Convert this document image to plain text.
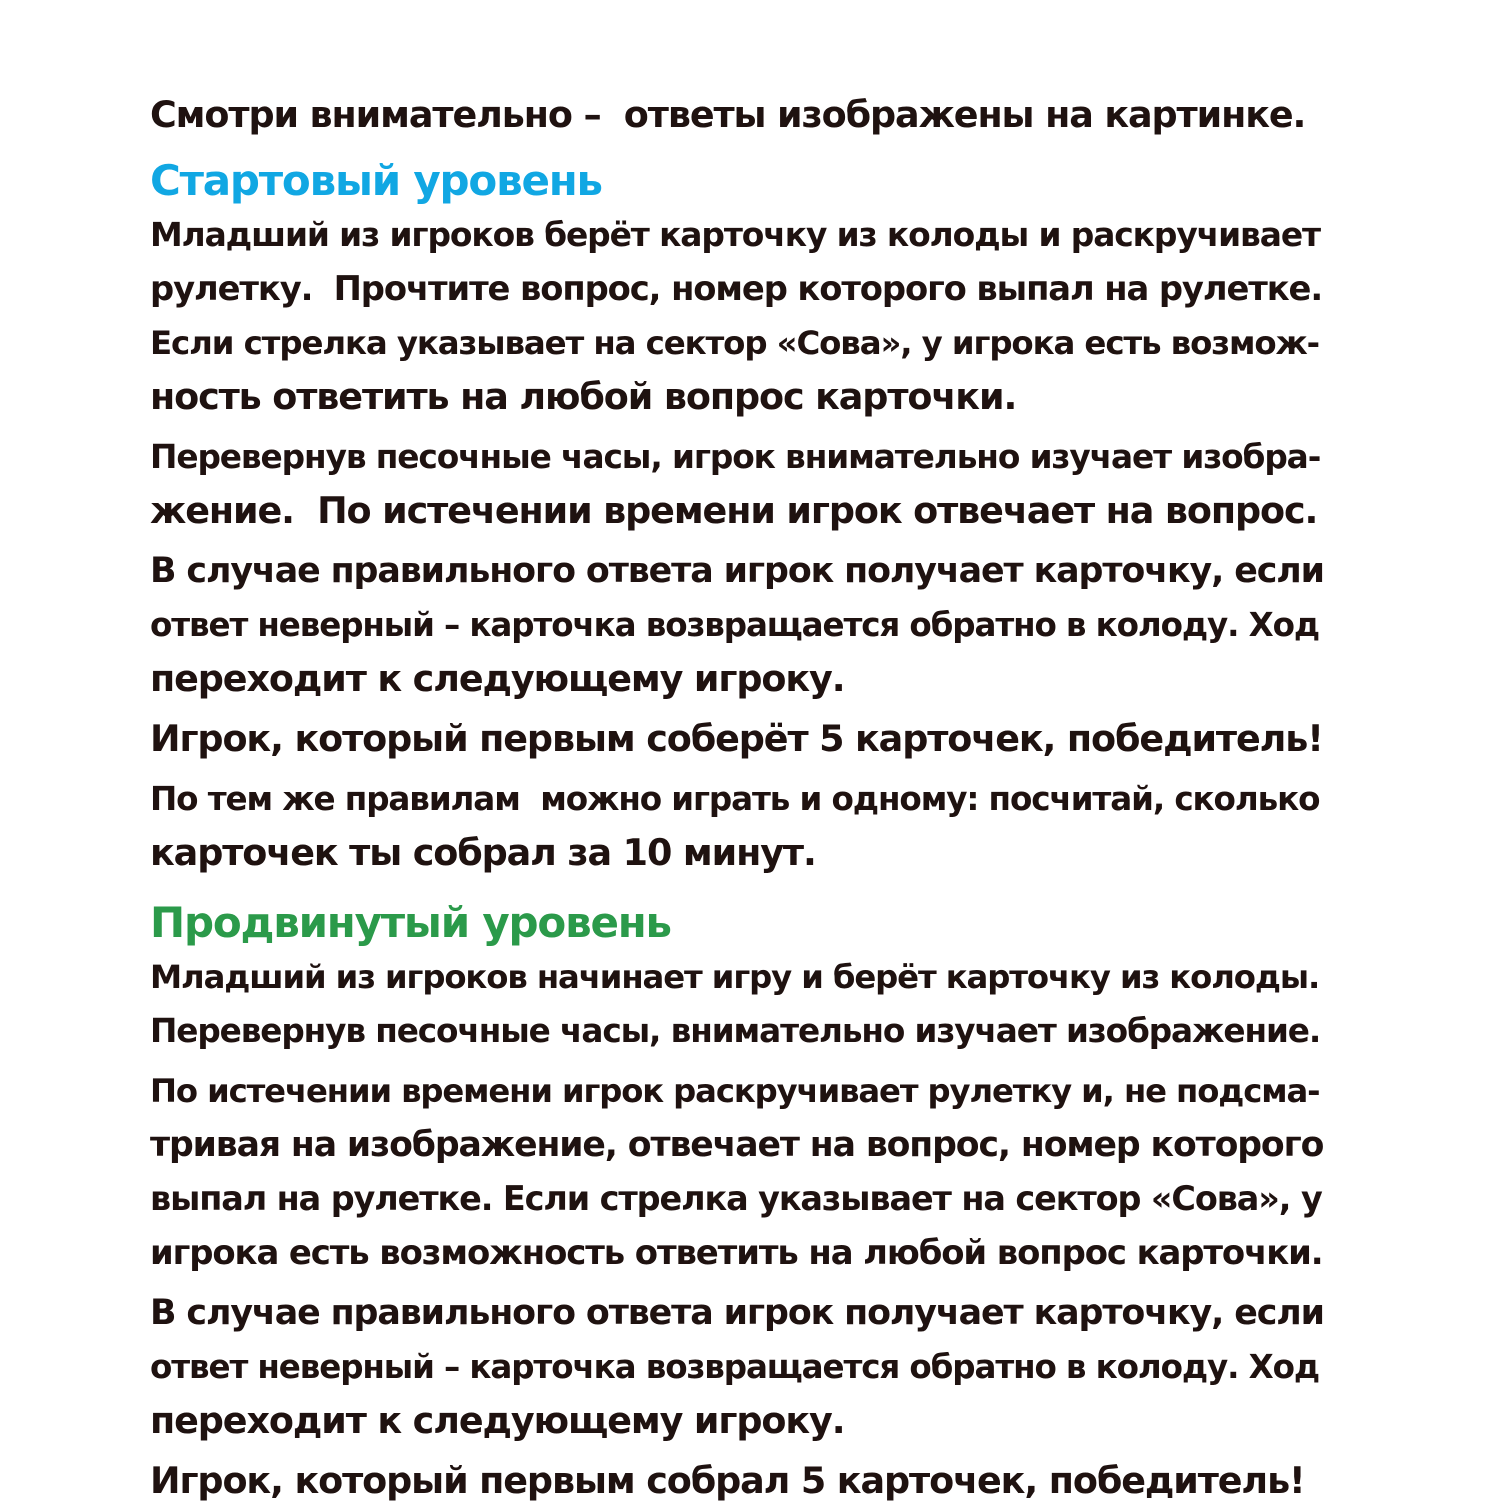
Смотри внимательно –  ответы изображены на картинке.
Стартовый уровень
Младший из игроков берёт карточку из колоды и раскручивает
рулетку.  Прочтите вопрос, номер которого выпал на рулетке.
Если стрелка указывает на сектор «Сова», у игрока есть возмож-
ность ответить на любой вопрос карточки.
Перевернув песочные часы, игрок внимательно изучает изобра-
жение.  По истечении времени игрок отвечает на вопрос.
В случае правильного ответа игрок получает карточку, если
ответ неверный – карточка возвращается обратно в колоду. Ход
переходит к следующему игроку.
Игрок, который первым соберёт 5 карточек, победитель!
По тем же правилам  можно играть и одному: посчитай, сколько
карточек ты собрал за 10 минут.
Продвинутый уровень
Младший из игроков начинает игру и берёт карточку из колоды.
Перевернув песочные часы, внимательно изучает изображение.
По истечении времени игрок раскручивает рулетку и, не подсма-
тривая на изображение, отвечает на вопрос, номер которого
выпал на рулетке. Если стрелка указывает на сектор «Сова», у
игрока есть возможность ответить на любой вопрос карточки.
В случае правильного ответа игрок получает карточку, если
ответ неверный – карточка возвращается обратно в колоду. Ход
переходит к следующему игроку.
Игрок, который первым собрал 5 карточек, победитель!
